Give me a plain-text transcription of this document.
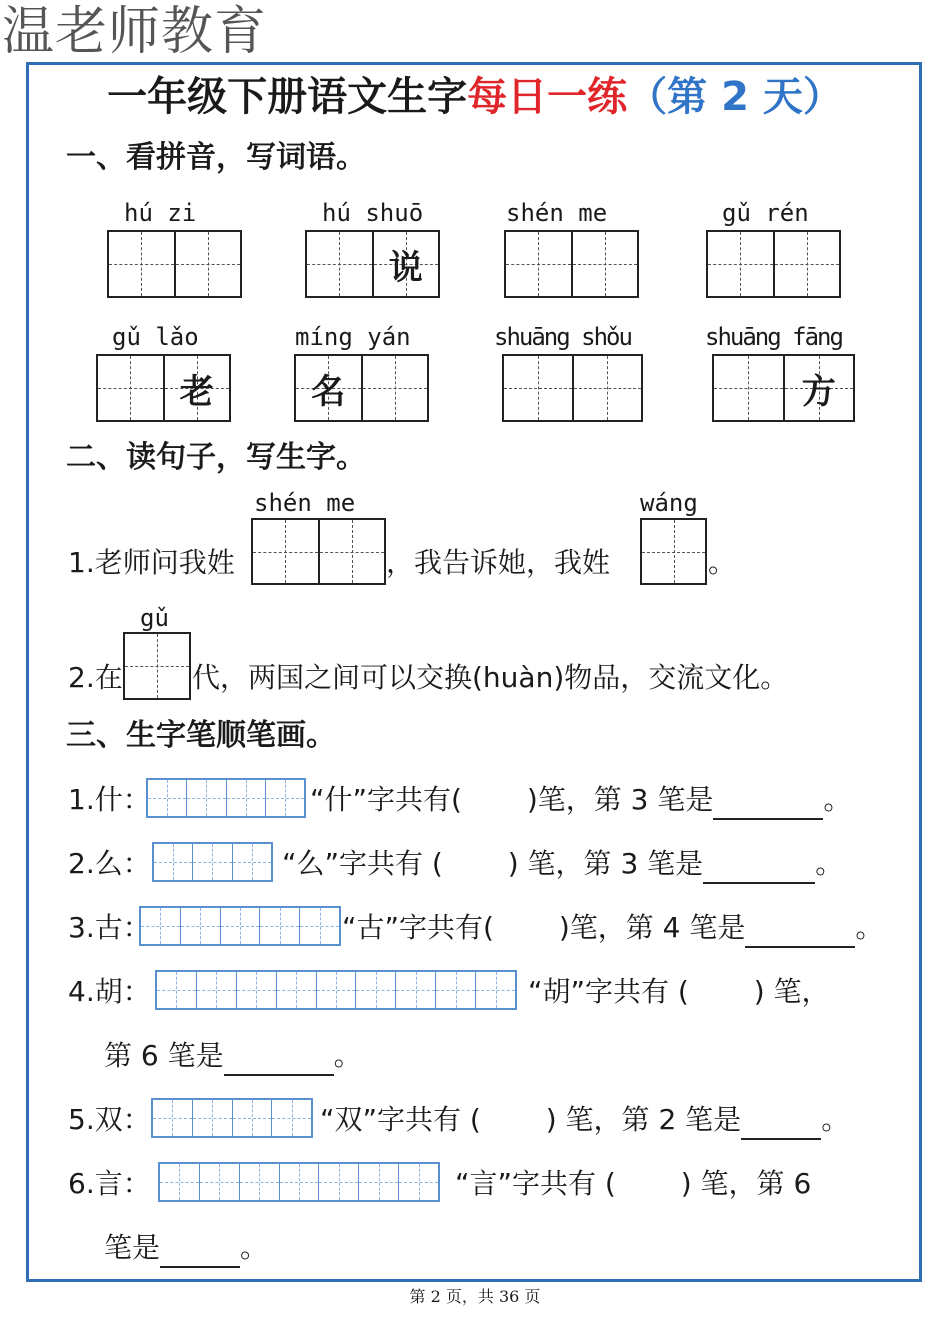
温老师教育
一年级下册语文生字每日一练（第 2 天）
一、看拼音，写词语。
hú zi	hú shuō
说
shén me	gǔ rén
gǔ lǎo
老
míng yán
名
shuāng shǒu	shuāng fāng
方
二、读句子，写生字。
shén me	wáng
1.老师问我姓	，我告诉她，我姓	。
gǔ
2.在 代，两国之间可以交换(huàn)物品，交流文化。
三、生字笔顺笔画。
1.什：	“什”字共有(　　 )笔，第 3 笔是	。
2.么：	“么”字共有 (　　 ) 笔，第 3 笔是	。
3.古：	“古”字共有(　　 )笔，第 4 笔是	。
4.胡：	“胡”字共有 (　　 ) 笔，
第 6 笔是	。
5.双：	“双”字共有 (　　 ) 笔，第 2 笔是	。
6.言：	“言”字共有 (　　 ) 笔，第 6
笔是	。
第 2 页，共 36 页
